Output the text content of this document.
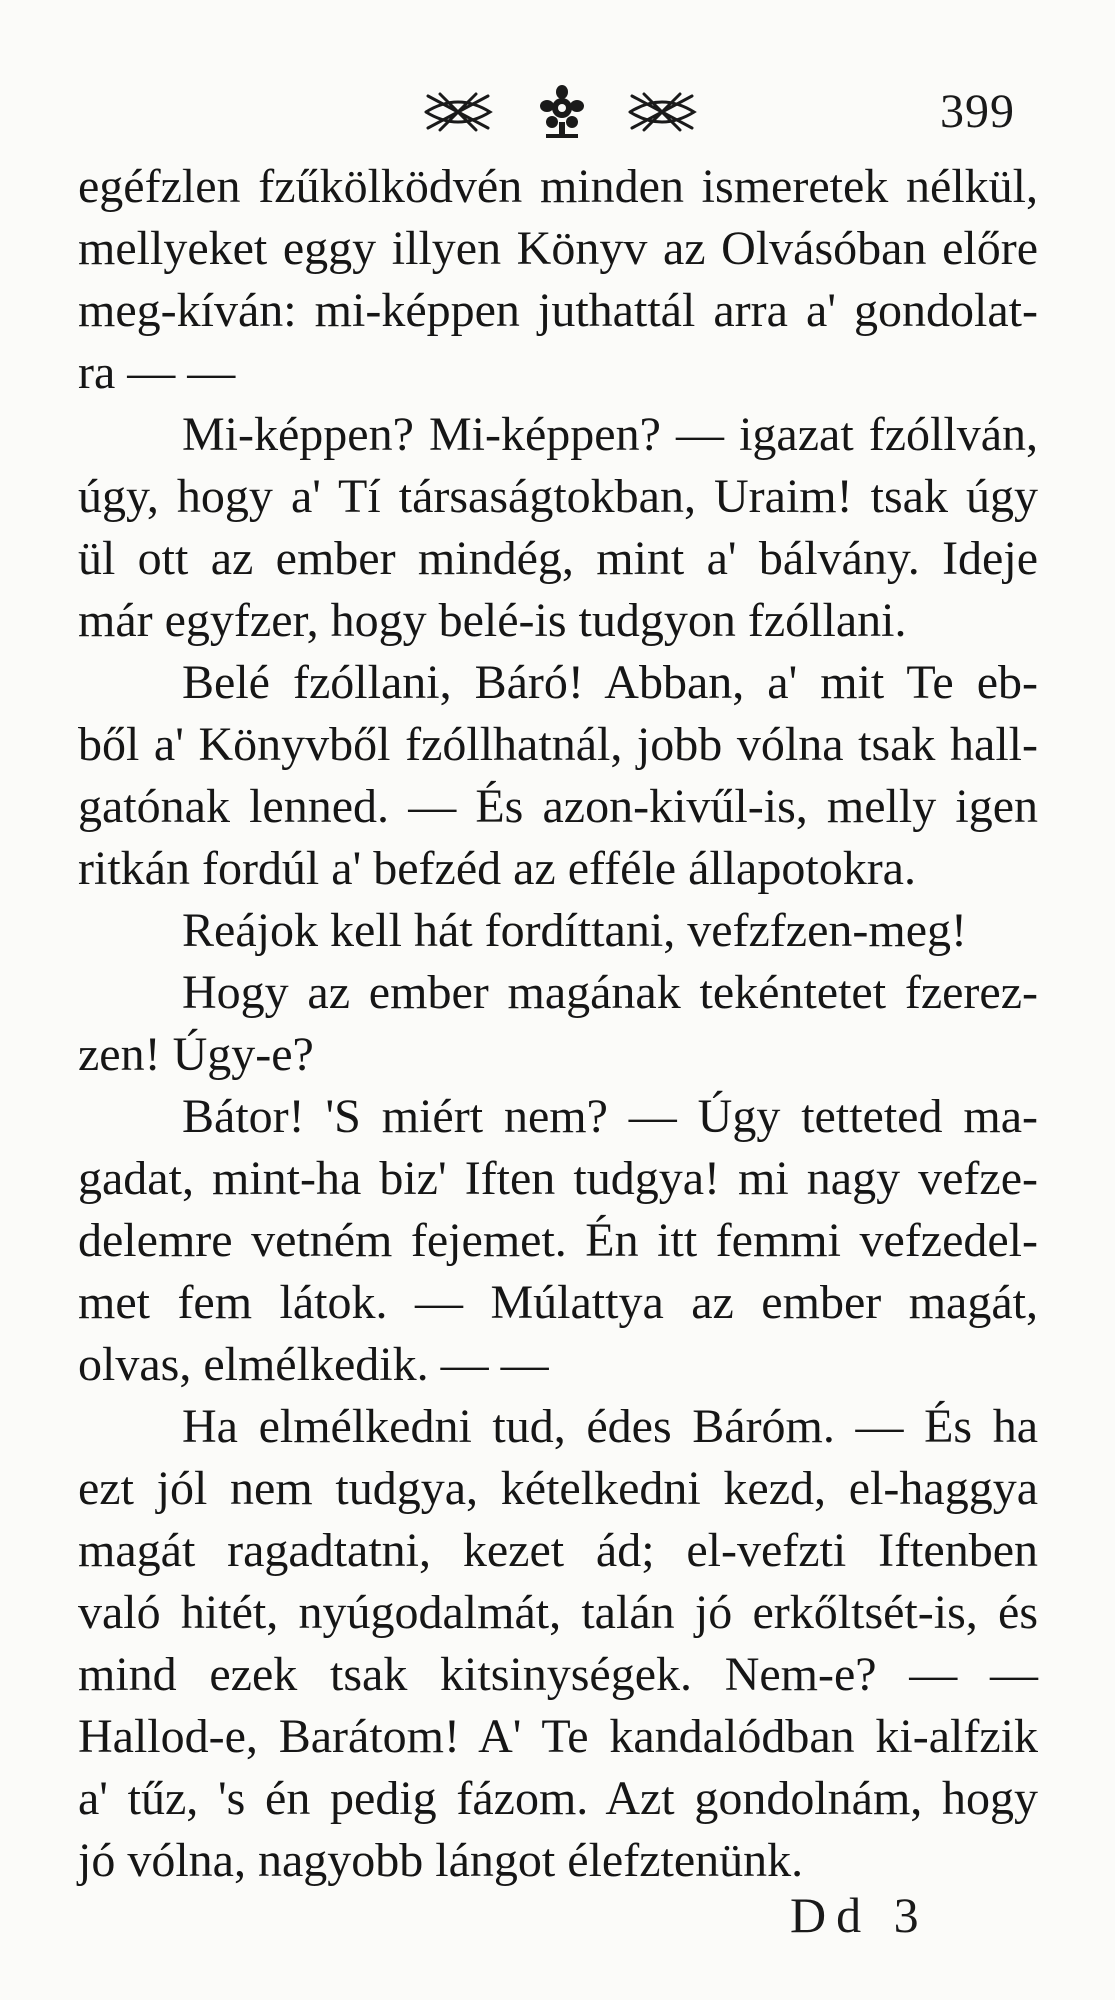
399
egéfzlen fzűkölködvén minden ismeretek nélkül,
mellyeket eggy illyen Könyv az Olvásóban előre
meg-kíván: mi-képpen juthattál arra a' gondolat-
ra — —
Mi-képpen? Mi-képpen? — igazat fzóllván,
úgy, hogy a' Tí társaságtokban, Uraim! tsak úgy
ül ott az ember mindég, mint a' bálvány. Ideje
már egyfzer, hogy belé-is tudgyon fzóllani.
Belé fzóllani, Báró! Abban, a' mit Te eb-
ből a' Könyvből fzóllhatnál, jobb vólna tsak hall-
gatónak lenned. — És azon-kivűl-is, melly igen
ritkán fordúl a' befzéd az efféle állapotokra.
Reájok kell hát fordíttani, vefzfzen-meg!
Hogy az ember magának tekéntetet fzerez-
zen! Úgy-e?
Bátor! 'S miért nem? — Úgy tetteted ma-
gadat, mint-ha biz' Iften tudgya! mi nagy vefze-
delemre vetném fejemet. Én itt femmi vefzedel-
met fem látok. — Múlattya az ember magát,
olvas, elmélkedik. — —
Ha elmélkedni tud, édes Báróm. — És ha
ezt jól nem tudgya, kételkedni kezd, el-haggya
magát ragadtatni, kezet ád; el-vefzti Iftenben
való hitét, nyúgodalmát, talán jó erkőltsét-is, és
mind ezek tsak kitsinységek. Nem-e? — —
Hallod-e, Barátom! A' Te kandalódban ki-alfzik
a' tűz, 's én pedig fázom. Azt gondolnám, hogy
jó vólna, nagyobb lángot élefztenünk.
Dd 3
